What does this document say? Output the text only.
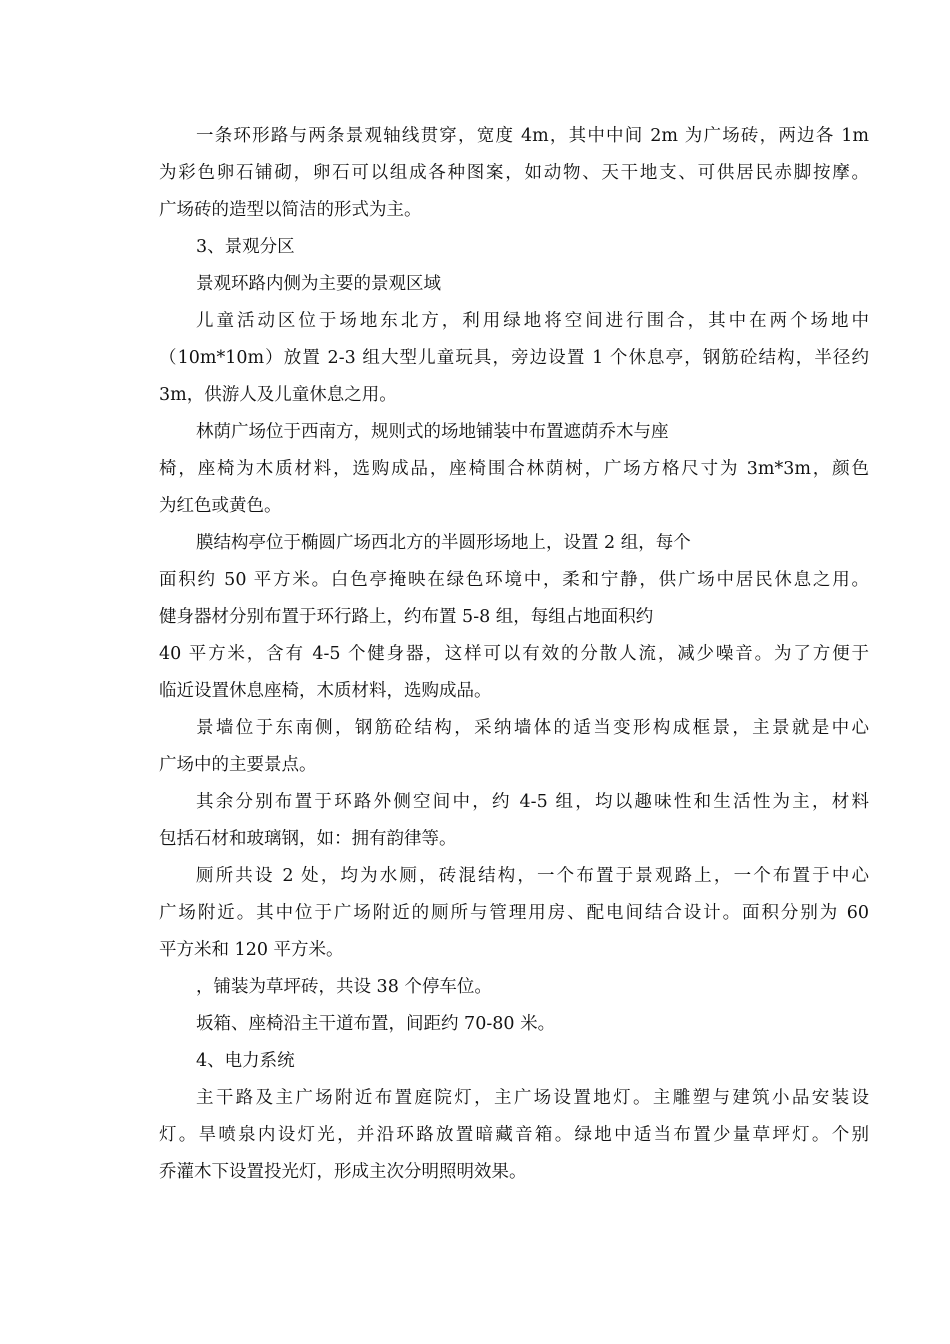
一条环形路与两条景观轴线贯穿，宽度 4m，其中中间 2m 为广场砖，两边各 1m
为彩色卵石铺砌，卵石可以组成各种图案，如动物、天干地支、可供居民赤脚按摩。
广场砖的造型以简洁的形式为主。
3、景观分区
景观环路内侧为主要的景观区域
儿童活动区位于场地东北方，利用绿地将空间进行围合，其中在两个场地中
（10m*10m）放置 2-3 组大型儿童玩具，旁边设置 1 个休息亭，钢筋砼结构，半径约
3m，供游人及儿童休息之用。
林荫广场位于西南方，规则式的场地铺装中布置遮荫乔木与座
椅，座椅为木质材料，选购成品，座椅围合林荫树，广场方格尺寸为 3m*3m，颜色
为红色或黄色。
膜结构亭位于椭圆广场西北方的半圆形场地上，设置 2 组，每个
面积约 50 平方米。白色亭掩映在绿色环境中，柔和宁静，供广场中居民休息之用。
健身器材分别布置于环行路上，约布置 5-8 组，每组占地面积约
40 平方米，含有 4-5 个健身器，这样可以有效的分散人流，减少噪音。为了方便于
临近设置休息座椅，木质材料，选购成品。
景墙位于东南侧，钢筋砼结构，采纳墙体的适当变形构成框景，主景就是中心
广场中的主要景点。
其余分别布置于环路外侧空间中，约 4-5 组，均以趣味性和生活性为主，材料
包括石材和玻璃钢，如：拥有韵律等。
厕所共设 2 处，均为水厕，砖混结构，一个布置于景观路上，一个布置于中心
广场附近。其中位于广场附近的厕所与管理用房、配电间结合设计。面积分别为 60
平方米和 120 平方米。
，铺装为草坪砖，共设 38 个停车位。
坂箱、座椅沿主干道布置，间距约 70-80 米。
4、电力系统
主干路及主广场附近布置庭院灯，主广场设置地灯。主雕塑与建筑小品安装设
灯。旱喷泉内设灯光，并沿环路放置暗藏音箱。绿地中适当布置少量草坪灯。个别
乔灌木下设置投光灯，形成主次分明照明效果。
